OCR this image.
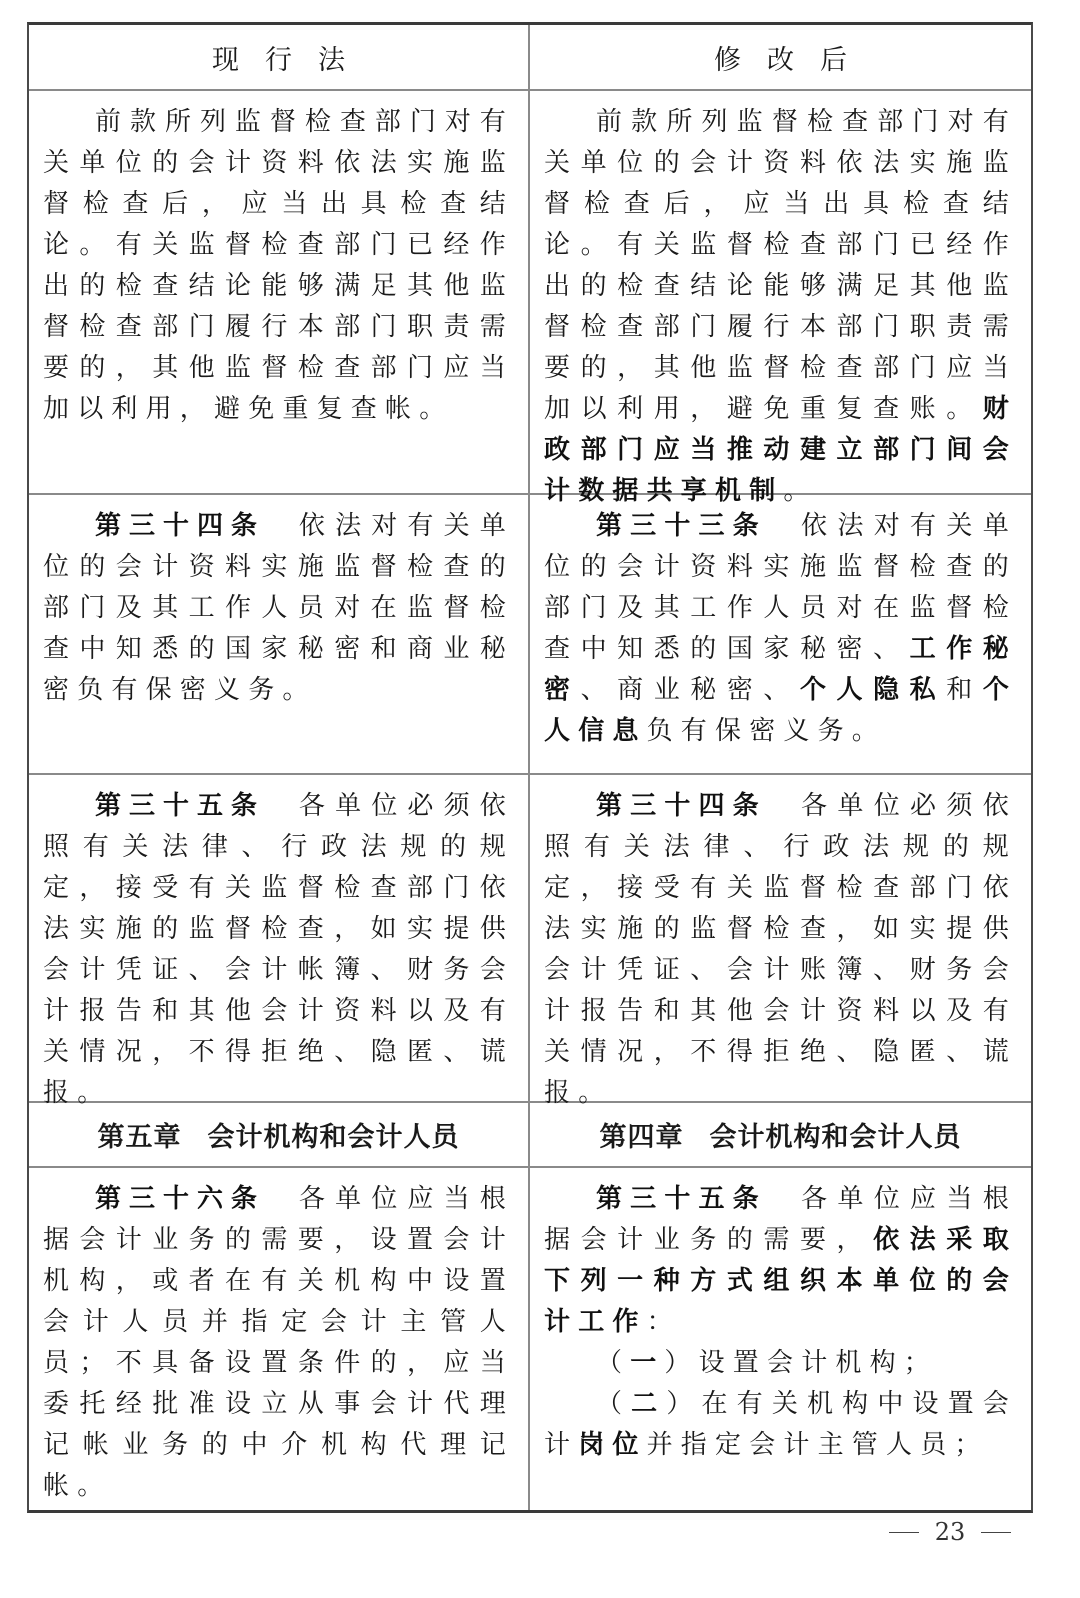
现行法	修改后

前款所列监督检查部门对有关单位的会计资料依法实施监督检查后，应当出具检查结论。有关监督检查部门已经作出的检查结论能够满足其他监督检查部门履行本部门职责需要的，其他监督检查部门应当加以利用，避免重复查帐。

前款所列监督检查部门对有关单位的会计资料依法实施监督检查后，应当出具检查结论。有关监督检查部门已经作出的检查结论能够满足其他监督检查部门履行本部门职责需要的，其他监督检查部门应当加以利用，避免重复查账。财政部门应当推动建立部门间会计数据共享机制。

第三十四条 依法对有关单位的会计资料实施监督检查的部门及其工作人员对在监督检查中知悉的国家秘密和商业秘密负有保密义务。

第三十三条 依法对有关单位的会计资料实施监督检查的部门及其工作人员对在监督检查中知悉的国家秘密、工作秘密、商业秘密、个人隐私和个人信息负有保密义务。

第三十五条 各单位必须依照有关法律、行政法规的规定，接受有关监督检查部门依法实施的监督检查，如实提供会计凭证、会计帐簿、财务会计报告和其他会计资料以及有关情况，不得拒绝、隐匿、谎报。

第三十四条 各单位必须依照有关法律、行政法规的规定，接受有关监督检查部门依法实施的监督检查，如实提供会计凭证、会计账簿、财务会计报告和其他会计资料以及有关情况，不得拒绝、隐匿、谎报。

第五章 会计机构和会计人员	第四章 会计机构和会计人员

第三十六条 各单位应当根据会计业务的需要，设置会计机构，或者在有关机构中设置会计人员并指定会计主管人员；不具备设置条件的，应当委托经批准设立从事会计代理记帐业务的中介机构代理记帐。

第三十五条 各单位应当根据会计业务的需要，依法采取下列一种方式组织本单位的会计工作：

（一）设置会计机构；

（二）在有关机构中设置会计岗位并指定会计主管人员；

23
